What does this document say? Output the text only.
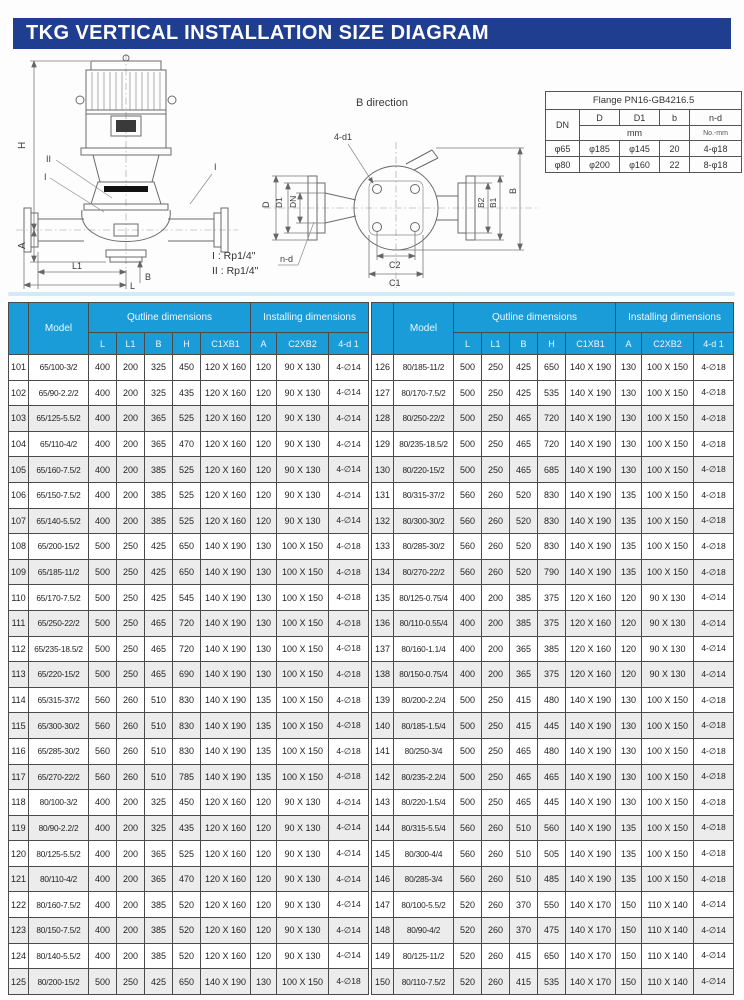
TKG VERTICAL INSTALLATION SIZE DIAGRAM
H
A
L1
L
B
II
I
I
B direction
D D1 DN	B2 B1
B
C2
C1
4-d1
n-d
I : Rp1/4"
II : Rp1/4"
Flange PN16-GB4216.5				
DN	D	D1	b	n-d
	mm			No.-mm
φ65	φ185	φ145	20	4-φ18
φ80	φ200	φ160	22	8-φ18
	Model	Qutline dimensions					Installing dimensions		
		L	L1	B	H	C1XB1	A	C2XB2	4-d 1
101	65/100-3/2	400	200	325	450	120 X 160	120	90 X 130	4-∅14
102	65/90-2.2/2	400	200	325	435	120 X 160	120	90 X 130	4-∅14
103	65/125-5.5/2	400	200	365	525	120 X 160	120	90 X 130	4-∅14
104	65/110-4/2	400	200	365	470	120 X 160	120	90 X 130	4-∅14
105	65/160-7.5/2	400	200	385	525	120 X 160	120	90 X 130	4-∅14
106	65/150-7.5/2	400	200	385	525	120 X 160	120	90 X 130	4-∅14
107	65/140-5.5/2	400	200	385	525	120 X 160	120	90 X 130	4-∅14
108	65/200-15/2	500	250	425	650	140 X 190	130	100 X 150	4-∅18
109	65/185-11/2	500	250	425	650	140 X 190	130	100 X 150	4-∅18
110	65/170-7.5/2	500	250	425	545	140 X 190	130	100 X 150	4-∅18
111	65/250-22/2	500	250	465	720	140 X 190	130	100 X 150	4-∅18
112	65/235-18.5/2	500	250	465	720	140 X 190	130	100 X 150	4-∅18
113	65/220-15/2	500	250	465	690	140 X 190	130	100 X 150	4-∅18
114	65/315-37/2	560	260	510	830	140 X 190	135	100 X 150	4-∅18
115	65/300-30/2	560	260	510	830	140 X 190	135	100 X 150	4-∅18
116	65/285-30/2	560	260	510	830	140 X 190	135	100 X 150	4-∅18
117	65/270-22/2	560	260	510	785	140 X 190	135	100 X 150	4-∅18
118	80/100-3/2	400	200	325	450	120 X 160	120	90 X 130	4-∅14
119	80/90-2.2/2	400	200	325	435	120 X 160	120	90 X 130	4-∅14
120	80/125-5.5/2	400	200	365	525	120 X 160	120	90 X 130	4-∅14
121	80/110-4/2	400	200	365	470	120 X 160	120	90 X 130	4-∅14
122	80/160-7.5/2	400	200	385	520	120 X 160	120	90 X 130	4-∅14
123	80/150-7.5/2	400	200	385	520	120 X 160	120	90 X 130	4-∅14
124	80/140-5.5/2	400	200	385	520	120 X 160	120	90 X 130	4-∅14
125	80/200-15/2	500	250	425	650	140 X 190	130	100 X 150	4-∅18
	Model	Qutline dimensions					Installing dimensions		
		L	L1	B	H	C1XB1	A	C2XB2	4-d 1
126	80/185-11/2	500	250	425	650	140 X 190	130	100 X 150	4-∅18
127	80/170-7.5/2	500	250	425	535	140 X 190	130	100 X 150	4-∅18
128	80/250-22/2	500	250	465	720	140 X 190	130	100 X 150	4-∅18
129	80/235-18.5/2	500	250	465	720	140 X 190	130	100 X 150	4-∅18
130	80/220-15/2	500	250	465	685	140 X 190	130	100 X 150	4-∅18
131	80/315-37/2	560	260	520	830	140 X 190	135	100 X 150	4-∅18
132	80/300-30/2	560	260	520	830	140 X 190	135	100 X 150	4-∅18
133	80/285-30/2	560	260	520	830	140 X 190	135	100 X 150	4-∅18
134	80/270-22/2	560	260	520	790	140 X 190	135	100 X 150	4-∅18
135	80/125-0.75/4	400	200	385	375	120 X 160	120	90 X 130	4-∅14
136	80/110-0.55/4	400	200	385	375	120 X 160	120	90 X 130	4-∅14
137	80/160-1.1/4	400	200	365	385	120 X 160	120	90 X 130	4-∅14
138	80/150-0.75/4	400	200	365	375	120 X 160	120	90 X 130	4-∅14
139	80/200-2.2/4	500	250	415	480	140 X 190	130	100 X 150	4-∅18
140	80/185-1.5/4	500	250	415	445	140 X 190	130	100 X 150	4-∅18
141	80/250-3/4	500	250	465	480	140 X 190	130	100 X 150	4-∅18
142	80/235-2.2/4	500	250	465	465	140 X 190	130	100 X 150	4-∅18
143	80/220-1.5/4	500	250	465	445	140 X 190	130	100 X 150	4-∅18
144	80/315-5.5/4	560	260	510	560	140 X 190	135	100 X 150	4-∅18
145	80/300-4/4	560	260	510	505	140 X 190	135	100 X 150	4-∅18
146	80/285-3/4	560	260	510	485	140 X 190	135	100 X 150	4-∅18
147	80/100-5.5/2	520	260	370	550	140 X 170	150	110 X 140	4-∅14
148	80/90-4/2	520	260	370	475	140 X 170	150	110 X 140	4-∅14
149	80/125-11/2	520	260	415	650	140 X 170	150	110 X 140	4-∅14
150	80/110-7.5/2	520	260	415	535	140 X 170	150	110 X 140	4-∅14
